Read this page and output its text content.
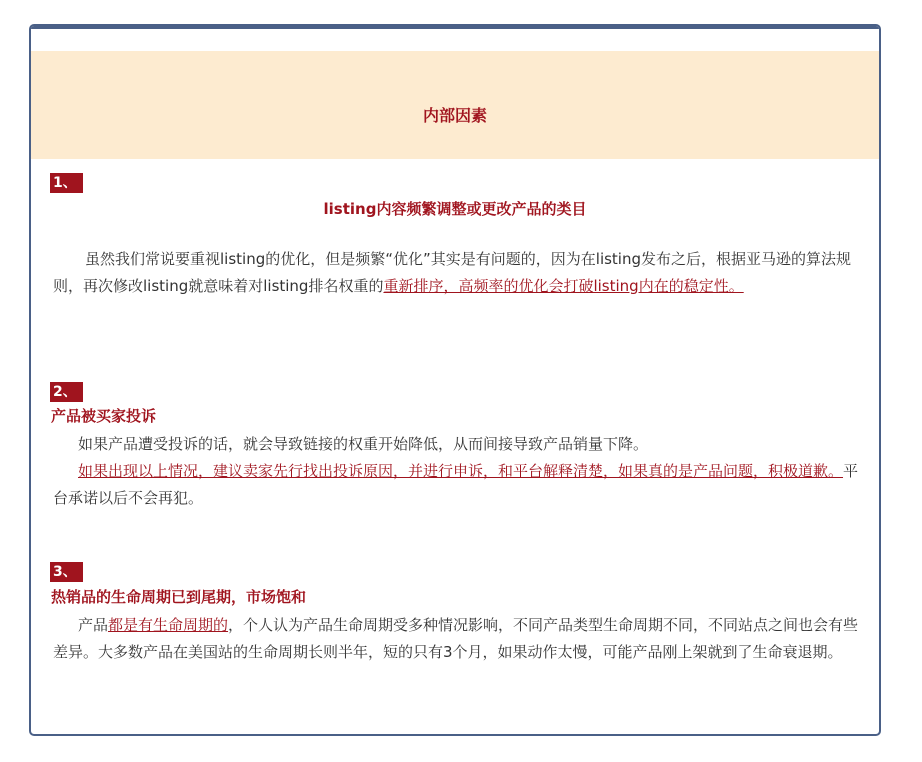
内部因素
1、
listing内容频繁调整或更改产品的类目
虽然我们常说要重视listing的优化，但是频繁“优化”其实是有问题的，因为在listing发布之后，根据亚马逊的算法规则，再次修改listing就意味着对listing排名权重的重新排序，高频率的优化会打破listing内在的稳定性。
2、
产品被买家投诉
如果产品遭受投诉的话，就会导致链接的权重开始降低，从而间接导致产品销量下降。
如果出现以上情况，建议卖家先行找出投诉原因，并进行申诉，和平台解释清楚，如果真的是产品问题，积极道歉。平台承诺以后不会再犯。
3、
热销品的生命周期已到尾期，市场饱和
产品都是有生命周期的，个人认为产品生命周期受多种情况影响，不同产品类型生命周期不同，不同站点之间也会有些差异。大多数产品在美国站的生命周期长则半年，短的只有3个月，如果动作太慢，可能产品刚上架就到了生命衰退期。
